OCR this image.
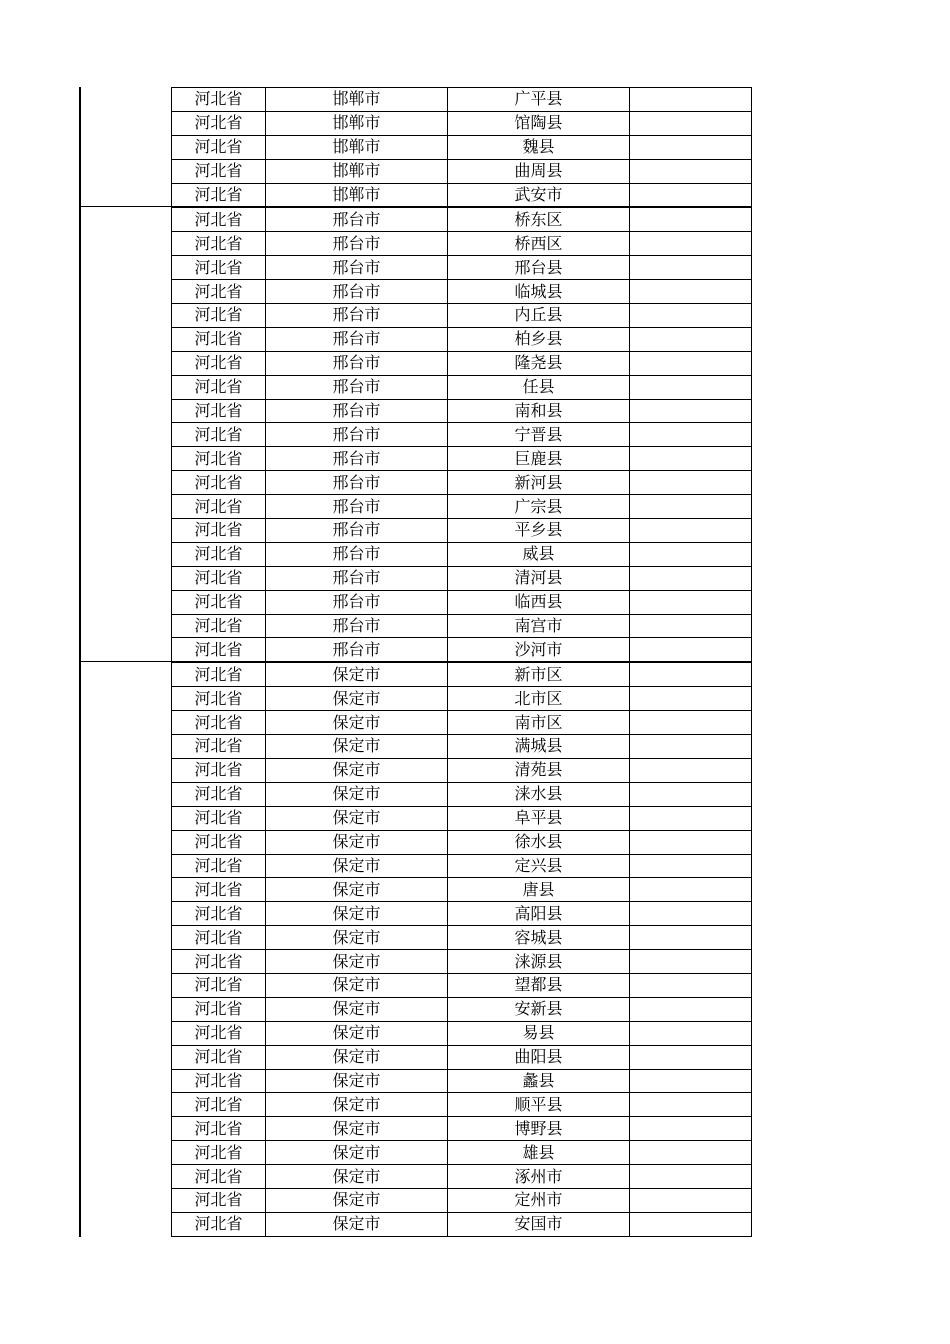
河北省	邯郸市	广平县	
河北省	邯郸市	馆陶县	
河北省	邯郸市	魏县	
河北省	邯郸市	曲周县	
河北省	邯郸市	武安市	
河北省	邢台市	桥东区	
河北省	邢台市	桥西区	
河北省	邢台市	邢台县	
河北省	邢台市	临城县	
河北省	邢台市	内丘县	
河北省	邢台市	柏乡县	
河北省	邢台市	隆尧县	
河北省	邢台市	任县	
河北省	邢台市	南和县	
河北省	邢台市	宁晋县	
河北省	邢台市	巨鹿县	
河北省	邢台市	新河县	
河北省	邢台市	广宗县	
河北省	邢台市	平乡县	
河北省	邢台市	威县	
河北省	邢台市	清河县	
河北省	邢台市	临西县	
河北省	邢台市	南宫市	
河北省	邢台市	沙河市	
河北省	保定市	新市区	
河北省	保定市	北市区	
河北省	保定市	南市区	
河北省	保定市	满城县	
河北省	保定市	清苑县	
河北省	保定市	涞水县	
河北省	保定市	阜平县	
河北省	保定市	徐水县	
河北省	保定市	定兴县	
河北省	保定市	唐县	
河北省	保定市	高阳县	
河北省	保定市	容城县	
河北省	保定市	涞源县	
河北省	保定市	望都县	
河北省	保定市	安新县	
河北省	保定市	易县	
河北省	保定市	曲阳县	
河北省	保定市	蠡县	
河北省	保定市	顺平县	
河北省	保定市	博野县	
河北省	保定市	雄县	
河北省	保定市	涿州市	
河北省	保定市	定州市	
河北省	保定市	安国市	
